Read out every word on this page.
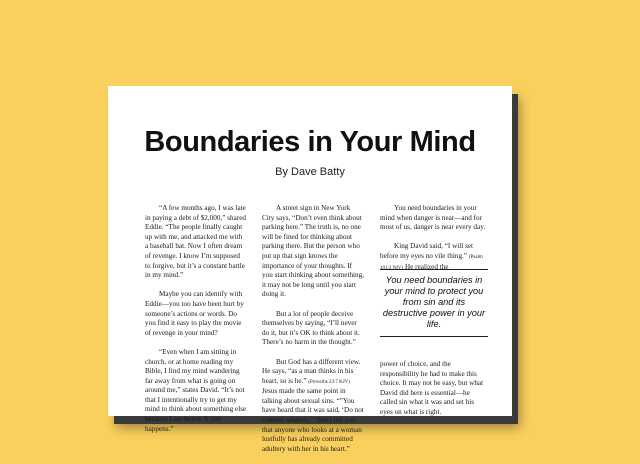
Boundaries in Your Mind
By Dave Batty

“A few months ago, I was late in paying a debt of $2,000,” shared Eddie. “The people finally caught up with me, and attacked me with a baseball bat. Now I often dream of revenge. I know I’m supposed to forgive, but it’s a constant battle in my mind.”

Maybe you can identify with Eddie—you too have been hurt by someone’s actions or words. Do you find it easy to play the movie of revenge in your mind?

“Even when I am sitting in church, or at home reading my Bible, I find my mind wandering far away from what is going on around me,” states David. “It’s not that I intentionally try to get my mind to think about something else because I am bored. It just happens.”

A street sign in New York City says, “Don’t even think about parking here.” The truth is, no one will be fined for thinking about parking there. But the person who put up that sign knows the importance of your thoughts. If you start thinking about something, it may not be long until you start doing it.

But a lot of people deceive themselves by saying, “I’ll never do it, but it’s OK to think about it. There’s no harm in the thought.”

But God has a different view. He says, “as a man thinks in his heart, so is he.” (Proverbs 23:7 KJV) Jesus made the same point in talking about sexual sins. “”You have heard that it was said, ‘Do not commit adultery.’ “But I tell you that anyone who looks at a woman lustfully has already committed adultery with her in his heart.”

You need boundaries in your mind when danger is near—and for most of us, danger is near every day.

King David said, “I will set before my eyes no vile thing.” (Psalm 101:3 NIV) He realized the

You need boundaries in your mind to protect you from sin and its destructive power in your life.

power of choice, and the responsibility he had to make this choice. It may not be easy, but what David did here is essential—he called sin what it was and set his eyes on what is right.
